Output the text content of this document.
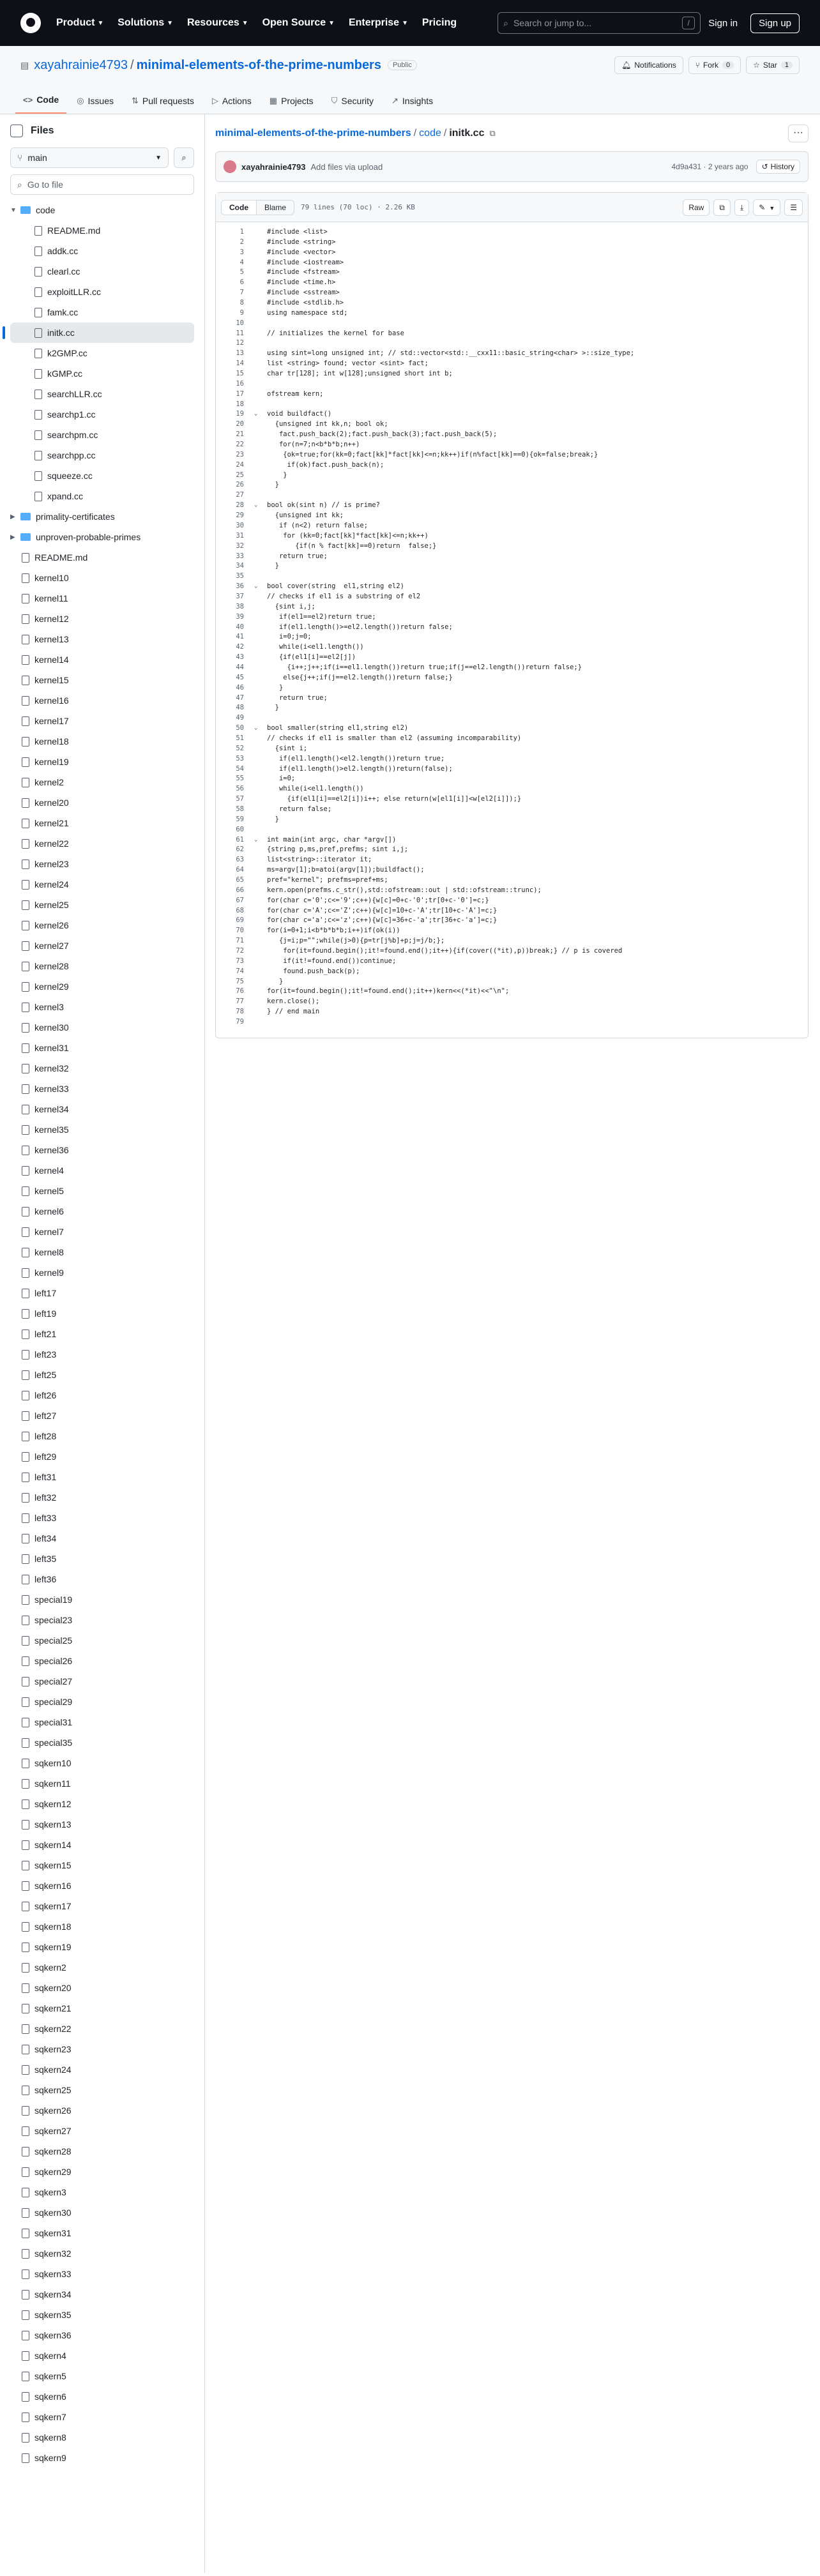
Product ▼
Solutions ▼
Resources ▼
Open Source ▼
Enterprise ▼
Pricing	⌕ Search or jump to...	/	Sign in	Sign up
▤ xayahrainie4793 / minimal-elements-of-the-prime-numbers	Public	🔔︎ Notifications	⑂ Fork	0	☆ Star	1
<> Code ◎ Issues ⇅ Pull requests ▷ Actions ▦ Projects ⛉ Security ↗ Insights
Files
⑂ main	▼	⌕
⌕ Go to file
▼	code
README.md
addk.cc
clearl.cc
exploitLLR.cc
famk.cc
initk.cc
k2GMP.cc
kGMP.cc
searchLLR.cc
searchp1.cc
searchpm.cc
searchpp.cc
squeeze.cc
xpand.cc
▶	primality-certificates
▶	unproven-probable-primes
README.md
kernel10
kernel11
kernel12
kernel13
kernel14
kernel15
kernel16
kernel17
kernel18
kernel19
kernel2
kernel20
kernel21
kernel22
kernel23
kernel24
kernel25
kernel26
kernel27
kernel28
kernel29
kernel3
kernel30
kernel31
kernel32
kernel33
kernel34
kernel35
kernel36
kernel4
kernel5
kernel6
kernel7
kernel8
kernel9
left17
left19
left21
left23
left25
left26
left27
left28
left29
left31
left32
left33
left34
left35
left36
special19
special23
special25
special26
special27
special29
special31
special35
sqkern10
sqkern11
sqkern12
sqkern13
sqkern14
sqkern15
sqkern16
sqkern17
sqkern18
sqkern19
sqkern2
sqkern20
sqkern21
sqkern22
sqkern23
sqkern24
sqkern25
sqkern26
sqkern27
sqkern28
sqkern29
sqkern3
sqkern30
sqkern31
sqkern32
sqkern33
sqkern34
sqkern35
sqkern36
sqkern4
sqkern5
sqkern6
sqkern7
sqkern8
sqkern9
minimal-elements-of-the-prime-numbers / code / initk.cc ⧉	···
xayahrainie4793 Add files via upload	4d9a431 · 2 years ago	↺ History
Code	Blame	79 lines (70 loc) · 2.26 KB	Raw	⧉	⤓	✎ ▼	☰
1	#include <list>
2	#include <string>
3	#include <vector>
4	#include <iostream>
5	#include <fstream>
6	#include <time.h>
7	#include <sstream>
8	#include <stdlib.h>
9	using namespace std;
10
11	// initializes the kernel for base
12
13	using sint=long unsigned int; // std::vector<std::__cxx11::basic_string<char> >::size_type;
14	list <string> found; vector <sint> fact;
15	char tr[128]; int w[128];unsigned short int b;
16
17	ofstream kern;
18
19	⌄	void buildfact()
20	{unsigned int kk,n; bool ok;
21	fact.push_back(2);fact.push_back(3);fact.push_back(5);
22	for(n=7;n<b*b*b;n++)
23	{ok=true;for(kk=0;fact[kk]*fact[kk]<=n;kk++)if(n%fact[kk]==0){ok=false;break;}
24	if(ok)fact.push_back(n);
25	}
26	}
27
28	⌄	bool ok(sint n) // is prime?
29	{unsigned int kk;
30	if (n<2) return false;
31	for (kk=0;fact[kk]*fact[kk]<=n;kk++)
32	{if(n % fact[kk]==0)return  false;}
33	return true;
34	}
35
36	⌄	bool cover(string  el1,string el2)
37	// checks if el1 is a substring of el2
38	{sint i,j;
39	if(el1==el2)return true;
40	if(el1.length()>=el2.length())return false;
41	i=0;j=0;
42	while(i<el1.length())
43	{if(el1[i]==el2[j])
44	{i++;j++;if(i==el1.length())return true;if(j==el2.length())return false;}
45	else{j++;if(j==el2.length())return false;}
46	}
47	return true;
48	}
49
50	⌄	bool smaller(string el1,string el2)
51	// checks if el1 is smaller than el2 (assuming incomparability)
52	{sint i;
53	if(el1.length()<el2.length())return true;
54	if(el1.length()>el2.length())return(false);
55	i=0;
56	while(i<el1.length())
57	{if(el1[i]==el2[i])i++; else return(w[el1[i]]<w[el2[i]]);}
58	return false;
59	}
60
61	⌄	int main(int argc, char *argv[])
62	{string p,ms,pref,prefms; sint i,j;
63	list<string>::iterator it;
64	ms=argv[1];b=atoi(argv[1]);buildfact();
65	pref="kernel"; prefms=pref+ms;
66	kern.open(prefms.c_str(),std::ofstream::out | std::ofstream::trunc);
67	for(char c='0';c<='9';c++){w[c]=0+c-'0';tr[0+c-'0']=c;}
68	for(char c='A';c<='Z';c++){w[c]=10+c-'A';tr[10+c-'A']=c;}
69	for(char c='a';c<='z';c++){w[c]=36+c-'a';tr[36+c-'a']=c;}
70	for(i=0+1;i<b*b*b*b;i++)if(ok(i))
71	{j=i;p="";while(j>0){p=tr[j%b]+p;j=j/b;};
72	for(it=found.begin();it!=found.end();it++){if(cover((*it),p))break;} // p is covered
73	if(it!=found.end())continue;
74	found.push_back(p);
75	}
76	for(it=found.begin();it!=found.end();it++)kern<<(*it)<<"\n";
77	kern.close();
78	} // end main
79
